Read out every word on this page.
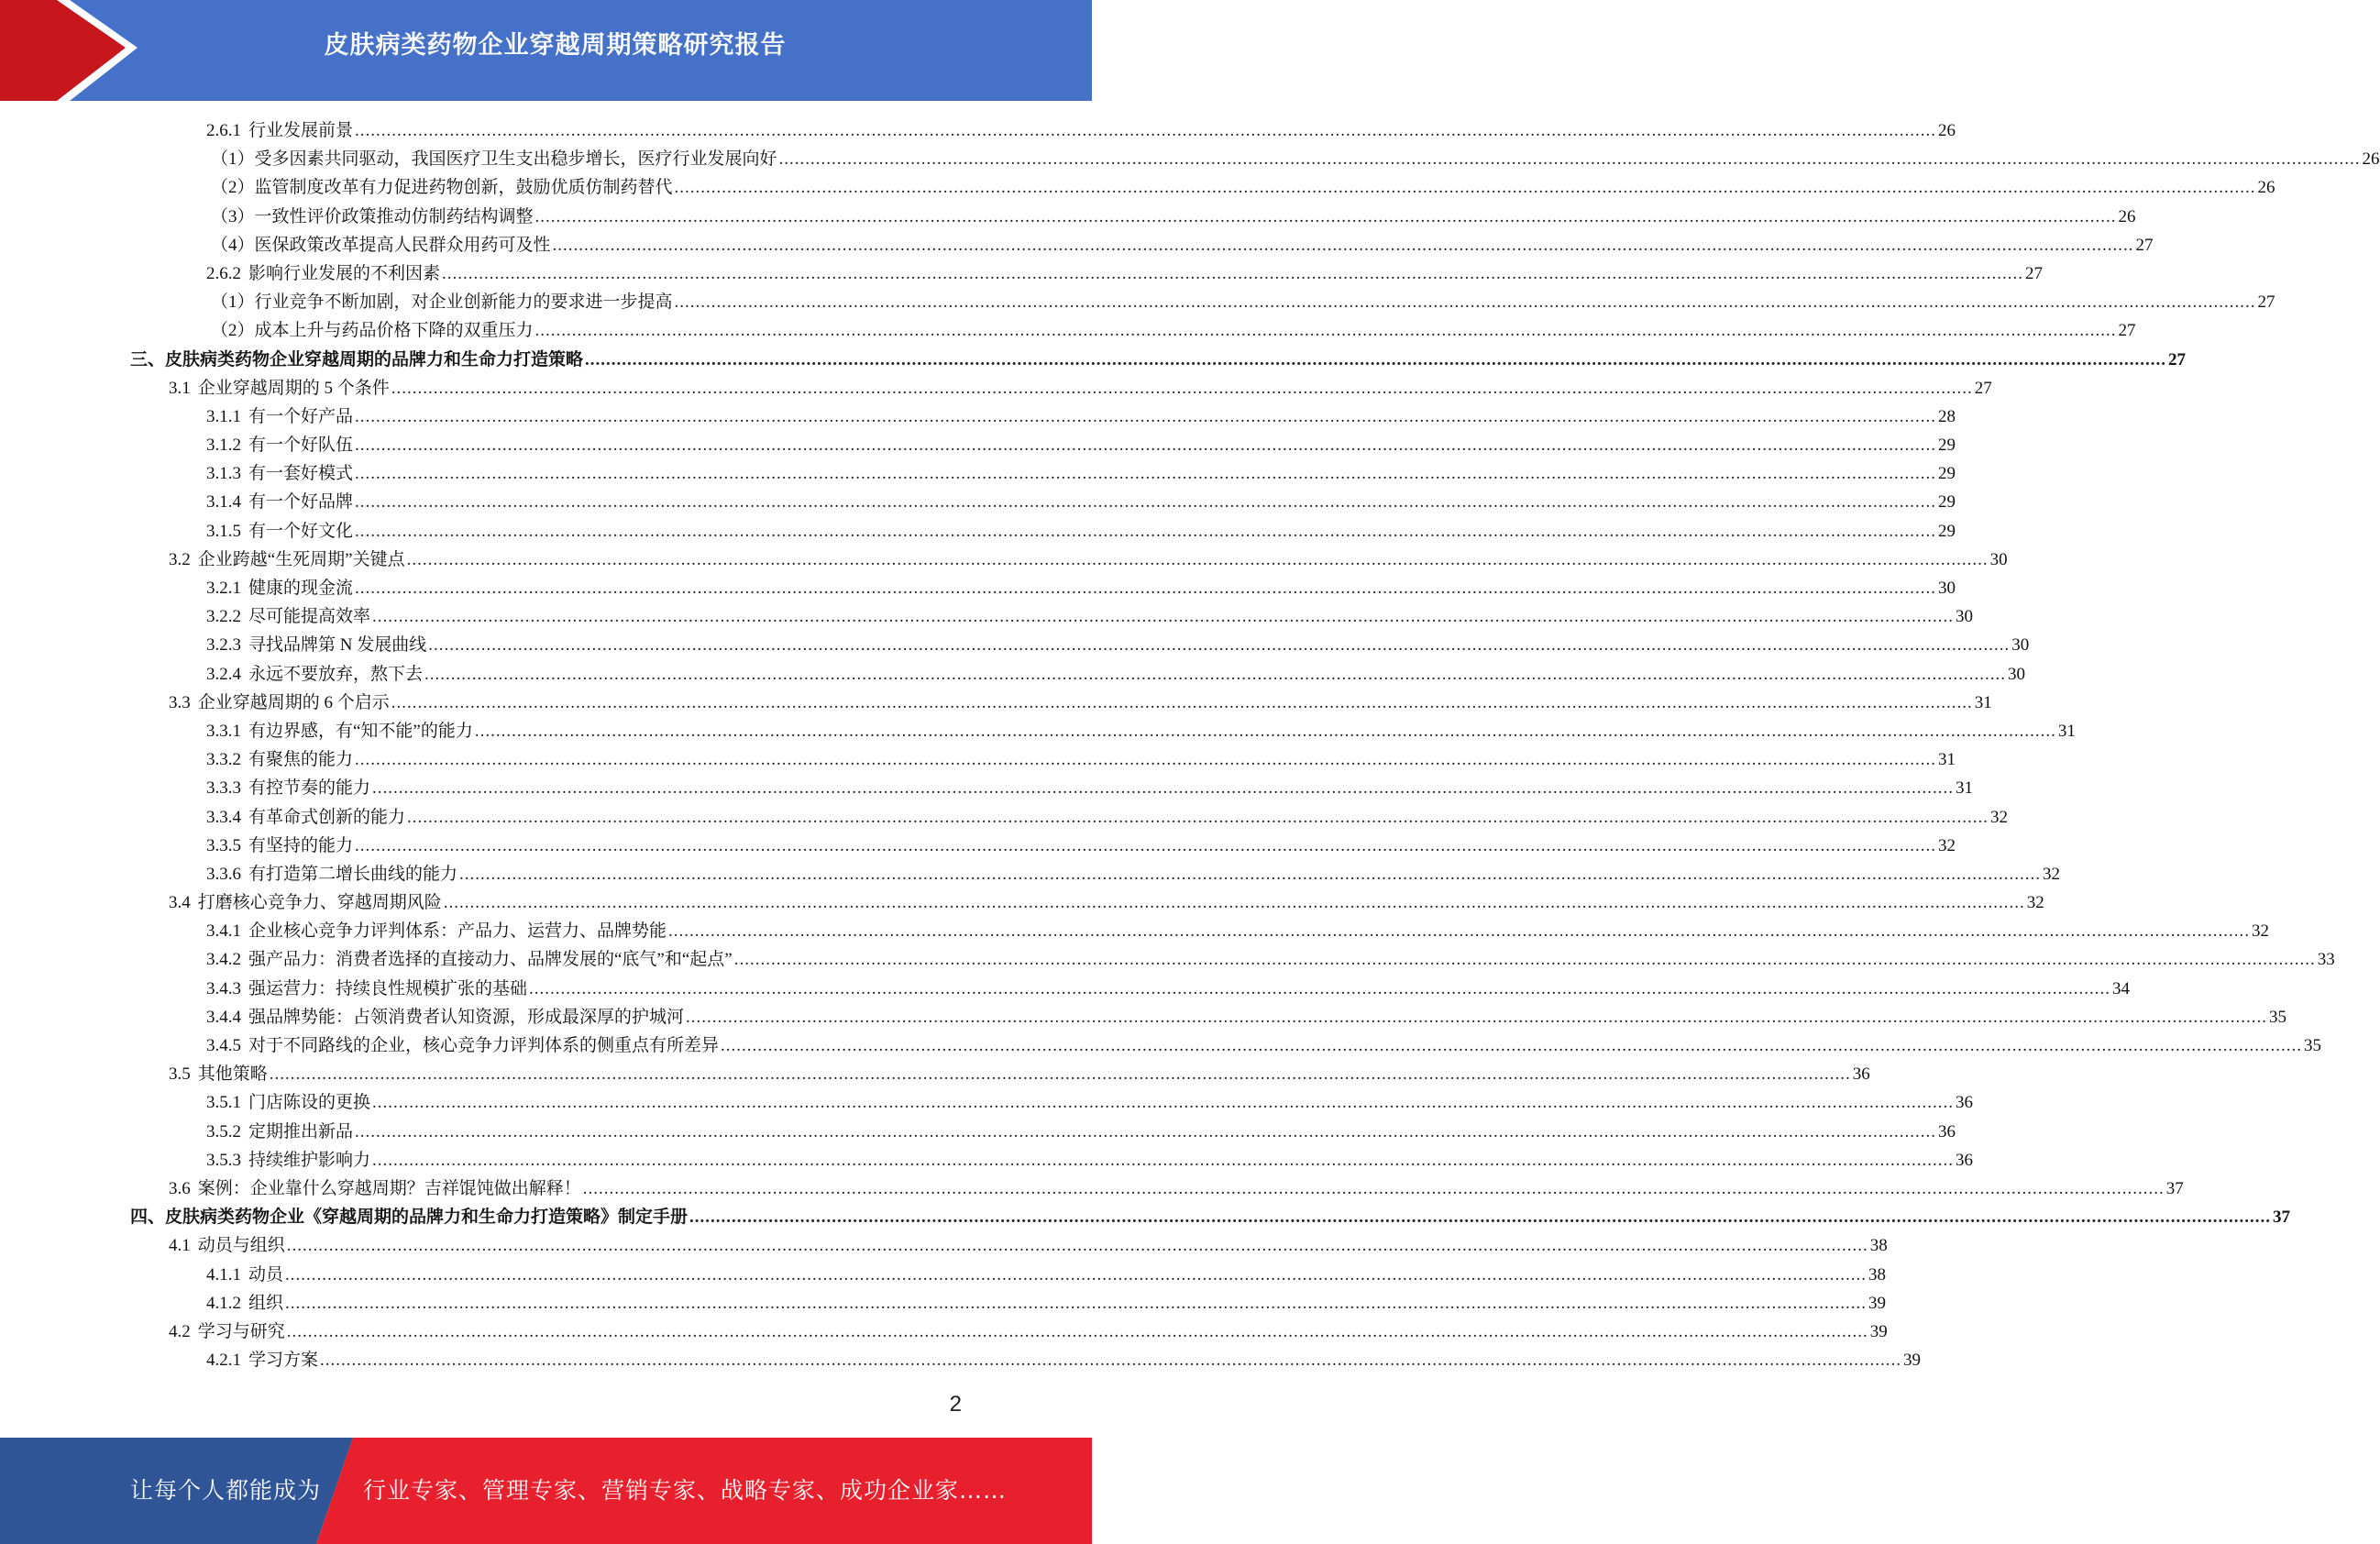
皮肤病类药物企业穿越周期策略研究报告
2.6.1 行业发展前景 ............................................................................................................................................................................................................................................................................................................ 26
（1） 受多因素共同驱动，我国医疗卫生支出稳步增长，医疗行业发展向好 ............................................................................................................................................................................................................................................................................................................ 26
（2） 监管制度改革有力促进药物创新，鼓励优质仿制药替代 ............................................................................................................................................................................................................................................................................................................ 26
（3） 一致性评价政策推动仿制药结构调整 ............................................................................................................................................................................................................................................................................................................ 26
（4） 医保政策改革提高人民群众用药可及性 ............................................................................................................................................................................................................................................................................................................ 27
2.6.2 影响行业发展的不利因素 ............................................................................................................................................................................................................................................................................................................ 27
（1） 行业竞争不断加剧，对企业创新能力的要求进一步提高 ............................................................................................................................................................................................................................................................................................................ 27
（2） 成本上升与药品价格下降的双重压力 ............................................................................................................................................................................................................................................................................................................ 27
三、 皮肤病类药物企业穿越周期的品牌力和生命力打造策略 ............................................................................................................................................................................................................................................................................................................ 27
3.1 企业穿越周期的 5 个条件 ............................................................................................................................................................................................................................................................................................................ 27
3.1.1 有一个好产品 ............................................................................................................................................................................................................................................................................................................ 28
3.1.2 有一个好队伍 ............................................................................................................................................................................................................................................................................................................ 29
3.1.3 有一套好模式 ............................................................................................................................................................................................................................................................................................................ 29
3.1.4 有一个好品牌 ............................................................................................................................................................................................................................................................................................................ 29
3.1.5 有一个好文化 ............................................................................................................................................................................................................................................................................................................ 29
3.2 企业跨越“生死周期”关键点 ............................................................................................................................................................................................................................................................................................................ 30
3.2.1 健康的现金流 ............................................................................................................................................................................................................................................................................................................ 30
3.2.2 尽可能提高效率 ............................................................................................................................................................................................................................................................................................................ 30
3.2.3 寻找品牌第 N 发展曲线 ............................................................................................................................................................................................................................................................................................................ 30
3.2.4 永远不要放弃，熬下去 ............................................................................................................................................................................................................................................................................................................ 30
3.3 企业穿越周期的 6 个启示 ............................................................................................................................................................................................................................................................................................................ 31
3.3.1 有边界感，有“知不能”的能力 ............................................................................................................................................................................................................................................................................................................ 31
3.3.2 有聚焦的能力 ............................................................................................................................................................................................................................................................................................................ 31
3.3.3 有控节奏的能力 ............................................................................................................................................................................................................................................................................................................ 31
3.3.4 有革命式创新的能力 ............................................................................................................................................................................................................................................................................................................ 32
3.3.5 有坚持的能力 ............................................................................................................................................................................................................................................................................................................ 32
3.3.6 有打造第二增长曲线的能力 ............................................................................................................................................................................................................................................................................................................ 32
3.4 打磨核心竞争力、穿越周期风险 ............................................................................................................................................................................................................................................................................................................ 32
3.4.1 企业核心竞争力评判体系：产品力、运营力、品牌势能 ............................................................................................................................................................................................................................................................................................................ 32
3.4.2 强产品力：消费者选择的直接动力、品牌发展的“底气”和“起点” ............................................................................................................................................................................................................................................................................................................ 33
3.4.3 强运营力：持续良性规模扩张的基础 ............................................................................................................................................................................................................................................................................................................ 34
3.4.4 强品牌势能：占领消费者认知资源，形成最深厚的护城河 ............................................................................................................................................................................................................................................................................................................ 35
3.4.5 对于不同路线的企业，核心竞争力评判体系的侧重点有所差异 ............................................................................................................................................................................................................................................................................................................ 35
3.5 其他策略 ............................................................................................................................................................................................................................................................................................................ 36
3.5.1 门店陈设的更换 ............................................................................................................................................................................................................................................................................................................ 36
3.5.2 定期推出新品 ............................................................................................................................................................................................................................................................................................................ 36
3.5.3 持续维护影响力 ............................................................................................................................................................................................................................................................................................................ 36
3.6 案例：企业靠什么穿越周期？吉祥馄饨做出解释！ ............................................................................................................................................................................................................................................................................................................ 37
四、 皮肤病类药物企业《穿越周期的品牌力和生命力打造策略》制定手册 ............................................................................................................................................................................................................................................................................................................ 37
4.1 动员与组织 ............................................................................................................................................................................................................................................................................................................ 38
4.1.1 动员 ............................................................................................................................................................................................................................................................................................................ 38
4.1.2 组织 ............................................................................................................................................................................................................................................................................................................ 39
4.2 学习与研究 ............................................................................................................................................................................................................................................................................................................ 39
4.2.1 学习方案 ............................................................................................................................................................................................................................................................................................................ 39
2
让每个人都能成为 行业专家、管理专家、营销专家、战略专家、成功企业家……
